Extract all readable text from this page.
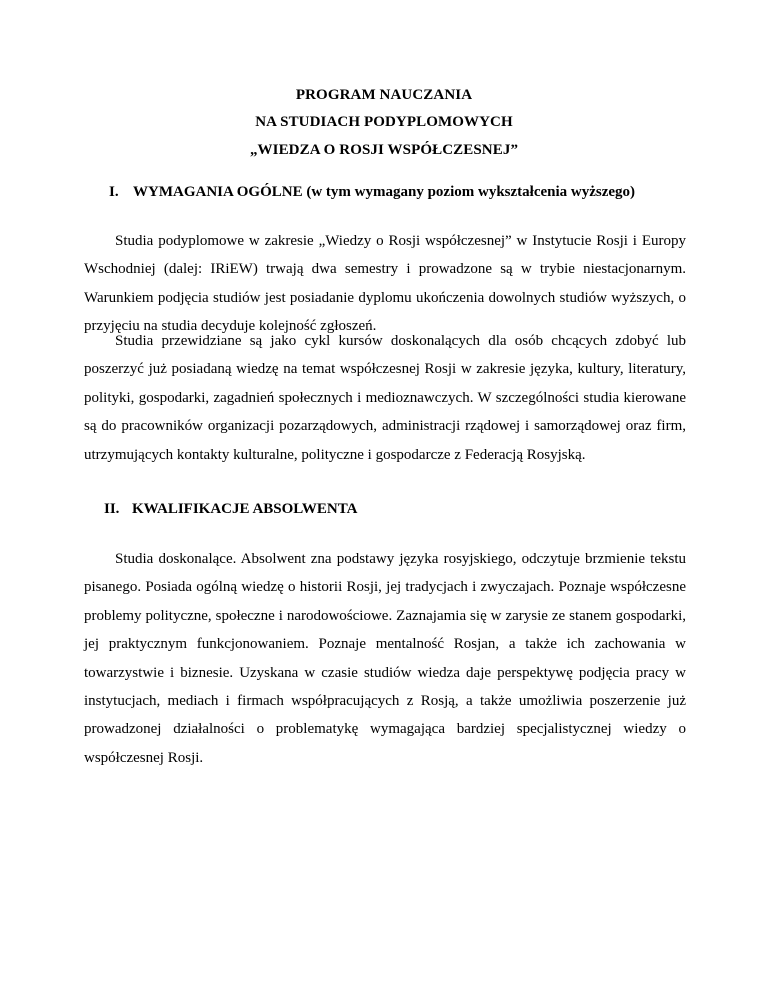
PROGRAM NAUCZANIA
NA STUDIACH PODYPLOMOWYCH
„WIEDZA O ROSJI WSPÓŁCZESNEJ”
I. WYMAGANIA OGÓLNE (w tym wymagany poziom wykształcenia wyższego)

Studia podyplomowe w zakresie „Wiedzy o Rosji współczesnej” w Instytucie Rosji i Europy Wschodniej (dalej: IRiEW) trwają dwa semestry i prowadzone są w trybie niestacjonarnym. Warunkiem podjęcia studiów jest posiadanie dyplomu ukończenia dowolnych studiów wyższych, o przyjęciu na studia decyduje kolejność zgłoszeń.

Studia przewidziane są jako cykl kursów doskonalących dla osób chcących zdobyć lub poszerzyć już posiadaną wiedzę na temat współczesnej Rosji w zakresie języka, kultury, literatury, polityki, gospodarki, zagadnień społecznych i medioznawczych. W szczególności studia kierowane są do pracowników organizacji pozarządowych, administracji rządowej i samorządowej oraz firm, utrzymujących kontakty kulturalne, polityczne i gospodarcze z Federacją Rosyjską.

II. KWALIFIKACJE ABSOLWENTA

Studia doskonalące. Absolwent zna podstawy języka rosyjskiego, odczytuje brzmienie tekstu pisanego. Posiada ogólną wiedzę o historii Rosji, jej tradycjach i zwyczajach. Poznaje współczesne problemy polityczne, społeczne i narodowościowe. Zaznajamia się w zarysie ze stanem gospodarki, jej praktycznym funkcjonowaniem. Poznaje mentalność Rosjan, a także ich zachowania w towarzystwie i biznesie. Uzyskana w czasie studiów wiedza daje perspektywę podjęcia pracy w instytucjach, mediach i firmach współpracujących z Rosją, a także umożliwia poszerzenie już prowadzonej działalności o problematykę wymagająca bardziej specjalistycznej wiedzy o współczesnej Rosji.
